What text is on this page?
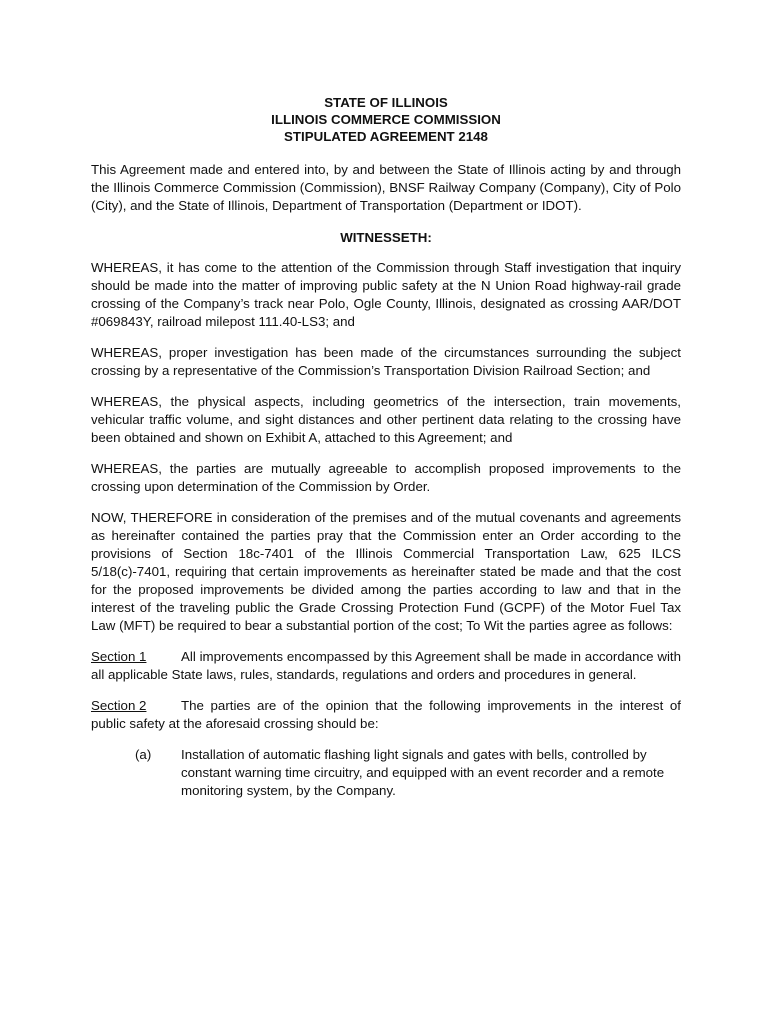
STATE OF ILLINOIS

ILLINOIS COMMERCE COMMISSION

STIPULATED AGREEMENT 2148

This Agreement made and entered into, by and between the State of Illinois acting by and through the Illinois Commerce Commission (Commission), BNSF Railway Company (Company), City of Polo (City), and the State of Illinois, Department of Transportation (Department or IDOT).

WITNESSETH:

WHEREAS, it has come to the attention of the Commission through Staff investigation that inquiry should be made into the matter of improving public safety at the N Union Road highway-rail grade crossing of the Company’s track near Polo, Ogle County, Illinois, designated as crossing AAR/DOT #069843Y, railroad milepost 111.40-LS3; and

WHEREAS, proper investigation has been made of the circumstances surrounding the subject crossing by a representative of the Commission’s Transportation Division Railroad Section; and

WHEREAS, the physical aspects, including geometrics of the intersection, train movements, vehicular traffic volume, and sight distances and other pertinent data relating to the crossing have been obtained and shown on Exhibit A, attached to this Agreement; and

WHEREAS, the parties are mutually agreeable to accomplish proposed improvements to the crossing upon determination of the Commission by Order.

NOW, THEREFORE in consideration of the premises and of the mutual covenants and agreements as hereinafter contained the parties pray that the Commission enter an Order according to the provisions of Section 18c-7401 of the Illinois Commercial Transportation Law, 625 ILCS 5/18(c)-7401, requiring that certain improvements as hereinafter stated be made and that the cost for the proposed improvements be divided among the parties according to law and that in the interest of the traveling public the Grade Crossing Protection Fund (GCPF) of the Motor Fuel Tax Law (MFT) be required to bear a substantial portion of the cost; To Wit the parties agree as follows:

Section 1	All improvements encompassed by this Agreement shall be made in accordance with all applicable State laws, rules, standards, regulations and orders and procedures in general.

Section 2	The parties are of the opinion that the following improvements in the interest of public safety at the aforesaid crossing should be:

(a) Installation of automatic flashing light signals and gates with bells, controlled by constant warning time circuitry, and equipped with an event recorder and a remote monitoring system, by the Company.
